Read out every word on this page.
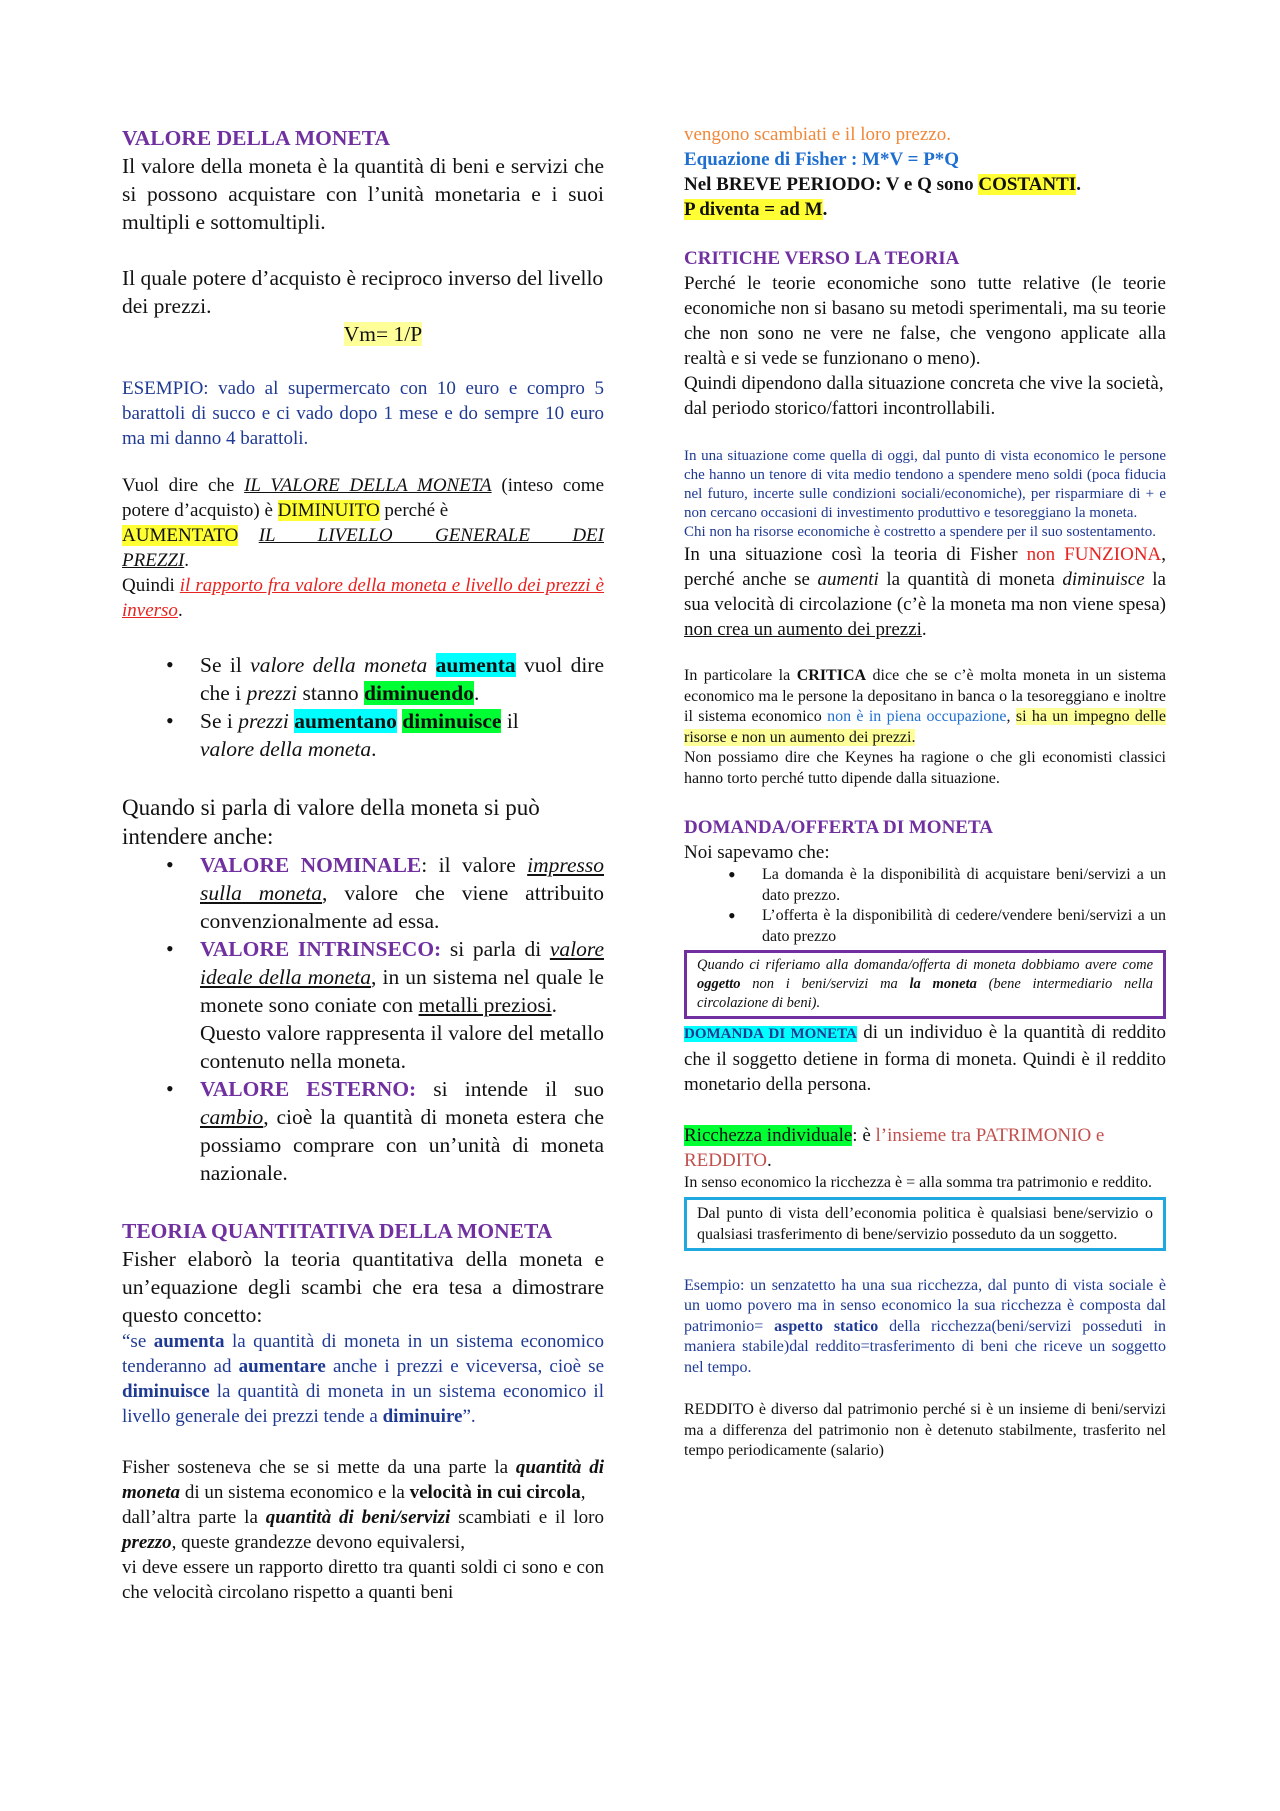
VALORE DELLA MONETA

Il valore della moneta è la quantità di beni e servizi che si possono acquistare con l’unità monetaria e i suoi multipli e sottomultipli.

Il quale potere d’acquisto è reciproco inverso del livello dei prezzi.

Vm= 1/P

ESEMPIO: vado al supermercato con 10 euro e compro 5 barattoli di succo e ci vado dopo 1 mese e do sempre 10 euro ma mi danno 4 barattoli.

Vuol dire che IL VALORE DELLA MONETA (inteso come potere d’acquisto) è DIMINUITO perché è
AUMENTATO IL LIVELLO GENERALE DEI PREZZI.

Quindi il rapporto fra valore della moneta e livello dei prezzi è inverso.

• Se il valore della moneta aumenta vuol dire che i prezzi stanno diminuendo.
• Se i prezzi aumentano diminuisce il
valore della moneta.

Quando si parla di valore della moneta si può intendere anche:

• VALORE NOMINALE: il valore impresso sulla moneta, valore che viene attribuito convenzionalmente ad essa.
• VALORE INTRINSECO: si parla di valore ideale della moneta, in un sistema nel quale le monete sono coniate con metalli preziosi.
Questo valore rappresenta il valore del metallo contenuto nella moneta.
• VALORE ESTERNO: si intende il suo cambio, cioè la quantità di moneta estera che possiamo comprare con un’unità di moneta nazionale.

TEORIA QUANTITATIVA DELLA MONETA

Fisher elaborò la teoria quantitativa della moneta e un’equazione degli scambi che era tesa a dimostrare questo concetto:

“se aumenta la quantità di moneta in un sistema economico tenderanno ad aumentare anche i prezzi e viceversa, cioè se diminuisce la quantità di moneta in un sistema economico il livello generale dei prezzi tende a diminuire”.

Fisher sosteneva che se si mette da una parte la quantità di moneta di un sistema economico e la velocità in cui circola,
dall’altra parte la quantità di beni/servizi scambiati e il loro prezzo, queste grandezze devono equivalersi,
vi deve essere un rapporto diretto tra quanti soldi ci sono e con che velocità circolano rispetto a quanti beni

vengono scambiati e il loro prezzo.

Equazione di Fisher : M*V = P*Q

Nel BREVE PERIODO: V e Q sono COSTANTI.

P diventa = ad M.

CRITICHE VERSO LA TEORIA

Perché le teorie economiche sono tutte relative (le teorie economiche non si basano su metodi sperimentali, ma su teorie che non sono ne vere ne false, che vengono applicate alla realtà e si vede se funzionano o meno).

Quindi dipendono dalla situazione concreta che vive la società, dal periodo storico/fattori incontrollabili.

In una situazione come quella di oggi, dal punto di vista economico le persone che hanno un tenore di vita medio tendono a spendere meno soldi (poca fiducia nel futuro, incerte sulle condizioni sociali/economiche), per risparmiare di + e non cercano occasioni di investimento produttivo e tesoreggiano la moneta.

Chi non ha risorse economiche è costretto a spendere per il suo sostentamento.

In una situazione così la teoria di Fisher non FUNZIONA, perché anche se aumenti la quantità di moneta diminuisce la sua velocità di circolazione (c’è la moneta ma non viene spesa) non crea un aumento dei prezzi.

In particolare la CRITICA dice che se c’è molta moneta in un sistema economico ma le persone la depositano in banca o la tesoreggiano e inoltre il sistema economico non è in piena occupazione, si ha un impegno delle risorse e non un aumento dei prezzi.

Non possiamo dire che Keynes ha ragione o che gli economisti classici hanno torto perché tutto dipende dalla situazione.

DOMANDA/OFFERTA DI MONETA

Noi sapevamo che:

• La domanda è la disponibilità di acquistare beni/servizi a un dato prezzo.
• L’offerta è la disponibilità di cedere/vendere beni/servizi a un dato prezzo
Quando ci riferiamo alla domanda/offerta di moneta dobbiamo avere come oggetto non i beni/servizi ma la moneta (bene intermediario nella circolazione di beni).

DOMANDA DI MONETA di un individuo è la quantità di reddito che il soggetto detiene in forma di moneta. Quindi è il reddito monetario della persona.

Ricchezza individuale: è l’insieme tra PATRIMONIO e REDDITO.

In senso economico la ricchezza è = alla somma tra patrimonio e reddito.

Dal punto di vista dell’economia politica è qualsiasi bene/servizio o qualsiasi trasferimento di bene/servizio posseduto da un soggetto.

Esempio: un senzatetto ha una sua ricchezza, dal punto di vista sociale è un uomo povero ma in senso economico la sua ricchezza è composta dal patrimonio= aspetto statico della ricchezza(beni/servizi posseduti in maniera stabile)dal reddito=trasferimento di beni che riceve un soggetto nel tempo.

REDDITO è diverso dal patrimonio perché si è un insieme di beni/servizi ma a differenza del patrimonio non è detenuto stabilmente, trasferito nel tempo periodicamente (salario)
